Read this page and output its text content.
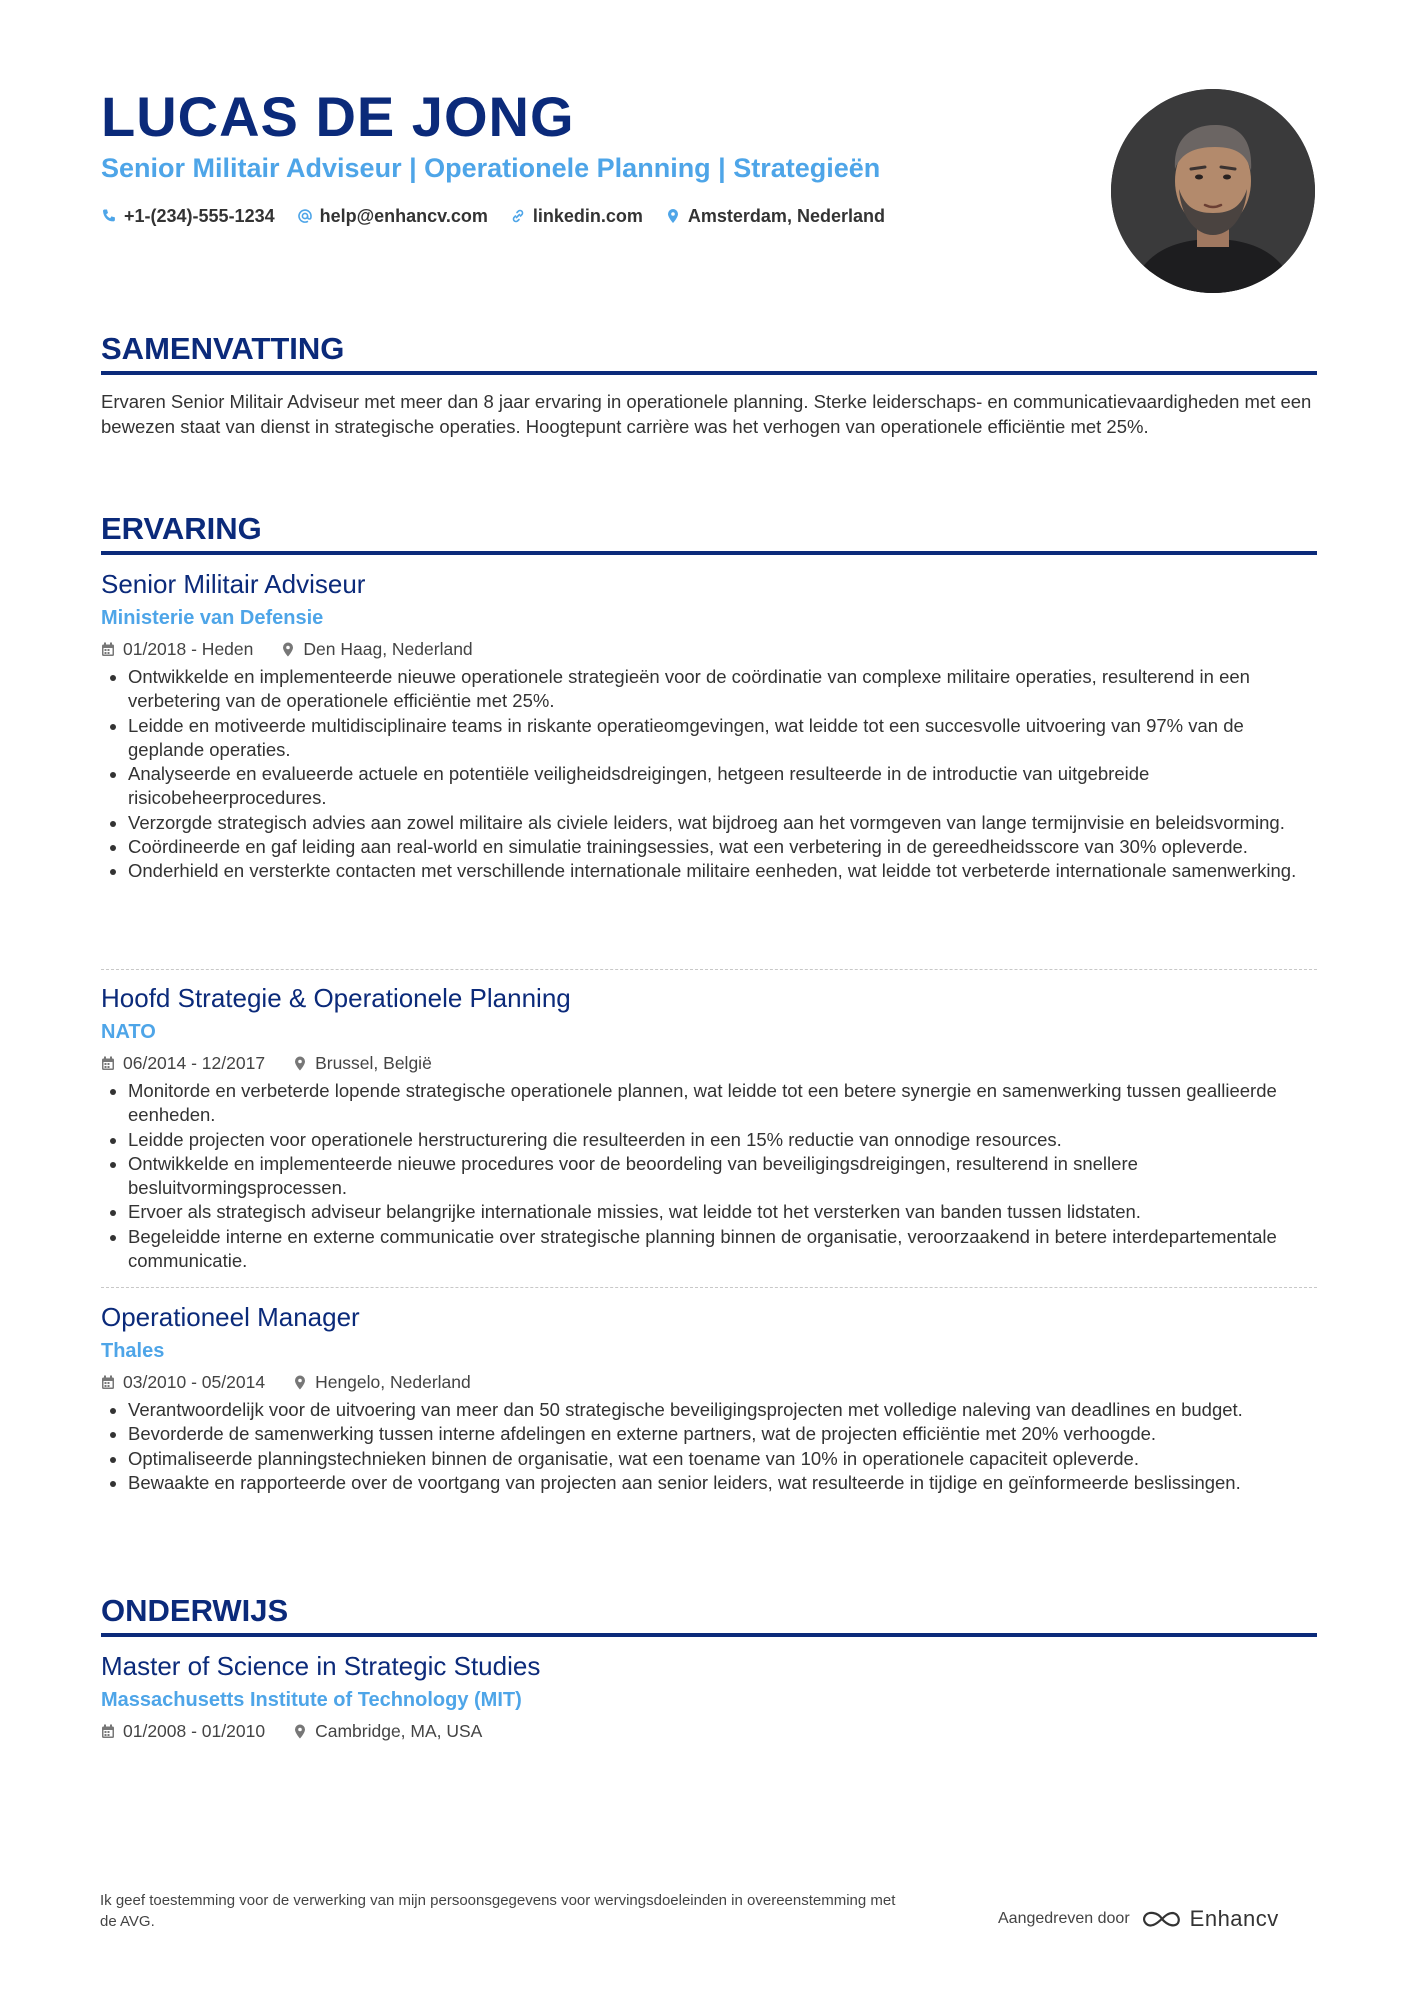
LUCAS DE JONG
Senior Militair Adviseur | Operationele Planning | Strategieën
+1-(234)-555-1234	help@enhancv.com	linkedin.com	Amsterdam, Nederland
SAMENVATTING
Ervaren Senior Militair Adviseur met meer dan 8 jaar ervaring in operationele planning. Sterke leiderschaps- en communicatievaardigheden met een bewezen staat van dienst in strategische operaties. Hoogtepunt carrière was het verhogen van operationele efficiëntie met 25%.
ERVARING
Senior Militair Adviseur
Ministerie van Defensie
01/2018 - Heden	Den Haag, Nederland
• Ontwikkelde en implementeerde nieuwe operationele strategieën voor de coördinatie van complexe militaire operaties, resulterend in een verbetering van de operationele efficiëntie met 25%.
• Leidde en motiveerde multidisciplinaire teams in riskante operatieomgevingen, wat leidde tot een succesvolle uitvoering van 97% van de geplande operaties.
• Analyseerde en evalueerde actuele en potentiële veiligheidsdreigingen, hetgeen resulteerde in de introductie van uitgebreide risicobeheerprocedures.
• Verzorgde strategisch advies aan zowel militaire als civiele leiders, wat bijdroeg aan het vormgeven van lange termijnvisie en beleidsvorming.
• Coördineerde en gaf leiding aan real-world en simulatie trainingsessies, wat een verbetering in de gereedheidsscore van 30% opleverde.
• Onderhield en versterkte contacten met verschillende internationale militaire eenheden, wat leidde tot verbeterde internationale samenwerking.
Hoofd Strategie & Operationele Planning
NATO
06/2014 - 12/2017	Brussel, België
• Monitorde en verbeterde lopende strategische operationele plannen, wat leidde tot een betere synergie en samenwerking tussen geallieerde eenheden.
• Leidde projecten voor operationele herstructurering die resulteerden in een 15% reductie van onnodige resources.
• Ontwikkelde en implementeerde nieuwe procedures voor de beoordeling van beveiligingsdreigingen, resulterend in snellere besluitvormingsprocessen.
• Ervoer als strategisch adviseur belangrijke internationale missies, wat leidde tot het versterken van banden tussen lidstaten.
• Begeleidde interne en externe communicatie over strategische planning binnen de organisatie, veroorzaakend in betere interdepartementale communicatie.
Operationeel Manager
Thales
03/2010 - 05/2014	Hengelo, Nederland
• Verantwoordelijk voor de uitvoering van meer dan 50 strategische beveiligingsprojecten met volledige naleving van deadlines en budget.
• Bevorderde de samenwerking tussen interne afdelingen en externe partners, wat de projecten efficiëntie met 20% verhoogde.
• Optimaliseerde planningstechnieken binnen de organisatie, wat een toename van 10% in operationele capaciteit opleverde.
• Bewaakte en rapporteerde over de voortgang van projecten aan senior leiders, wat resulteerde in tijdige en geïnformeerde beslissingen.
ONDERWIJS
Master of Science in Strategic Studies
Massachusetts Institute of Technology (MIT)
01/2008 - 01/2010	Cambridge, MA, USA
Ik geef toestemming voor de verwerking van mijn persoonsgegevens voor wervingsdoeleinden in overeenstemming met de AVG.	Aangedreven door	Enhancv
